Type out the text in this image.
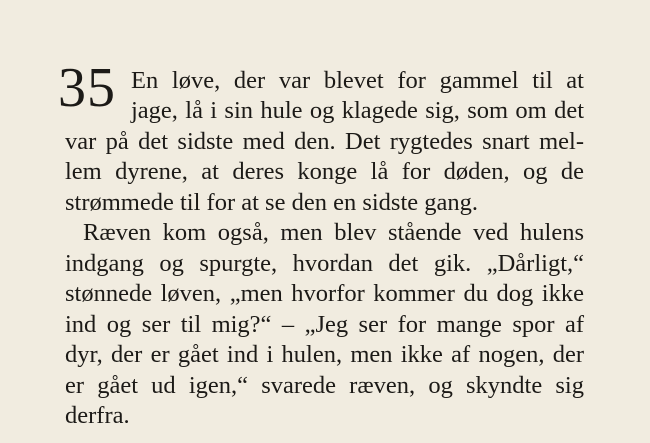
35 En løve, der var blevet for gammel til at
jage, lå i sin hule og klagede sig, som om det
var på det sidste med den. Det rygtedes snart mel-
lem dyrene, at deres konge lå for døden, og de
strømmede til for at se den en sidste gang.
Ræven kom også, men blev stående ved hulens
indgang og spurgte, hvordan det gik. „Dårligt,“
stønnede løven, „men hvorfor kommer du dog ikke
ind og ser til mig?“ – „Jeg ser for mange spor af
dyr, der er gået ind i hulen, men ikke af nogen, der
er gået ud igen,“ svarede ræven, og skyndte sig
derfra.
